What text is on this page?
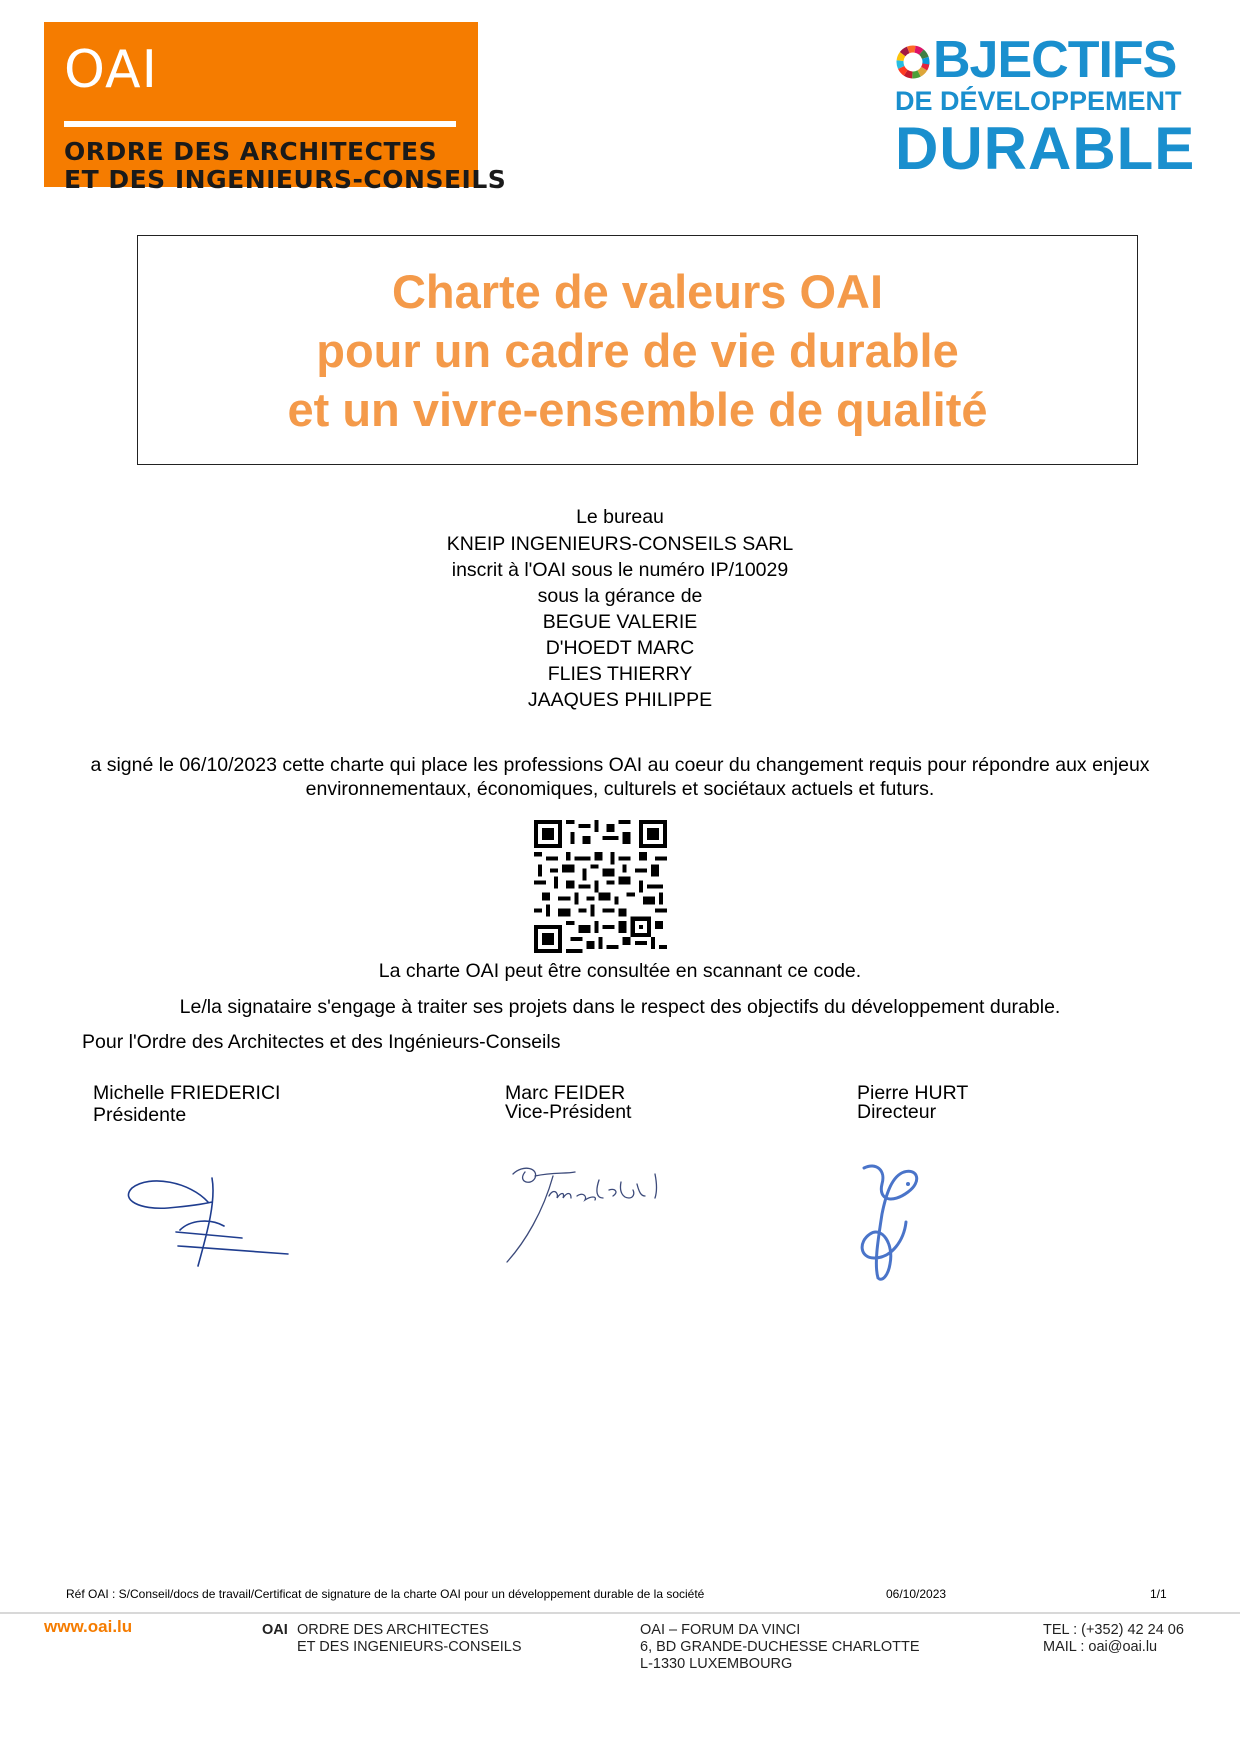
OAI
ORDRE DES ARCHITECTES
ET DES INGENIEURS-CONSEILS
BJECTIFS
DE DÉVELOPPEMENT
DURABLE
Charte de valeurs OAI
pour un cadre de vie durable
et un vivre-ensemble de qualité
Le bureau
KNEIP INGENIEURS-CONSEILS SARL
inscrit à l'OAI sous le numéro IP/10029
sous la gérance de
BEGUE VALERIE
D'HOEDT MARC
FLIES THIERRY
JAAQUES PHILIPPE
a signé le 06/10/2023 cette charte qui place les professions OAI au coeur du changement requis pour répondre aux enjeux environnementaux, économiques, culturels et sociétaux actuels et futurs.
La charte OAI peut être consultée en scannant ce code.
Le/la signataire s'engage à traiter ses projets dans le respect des objectifs du développement durable.
Pour l'Ordre des Architectes et des Ingénieurs-Conseils
Michelle FRIEDERICI
Présidente
Marc FEIDER
Vice-Président
Pierre HURT
Directeur
Réf OAI : S/Conseil/docs de travail/Certificat de signature de la charte OAI pour un développement durable de la société	06/10/2023	1/1
www.oai.lu	OAI ORDRE DES ARCHITECTES
ET DES INGENIEURS-CONSEILS
OAI – FORUM DA VINCI
6, BD GRANDE-DUCHESSE CHARLOTTE
L-1330 LUXEMBOURG
TEL : (+352) 42 24 06
MAIL : oai@oai.lu
